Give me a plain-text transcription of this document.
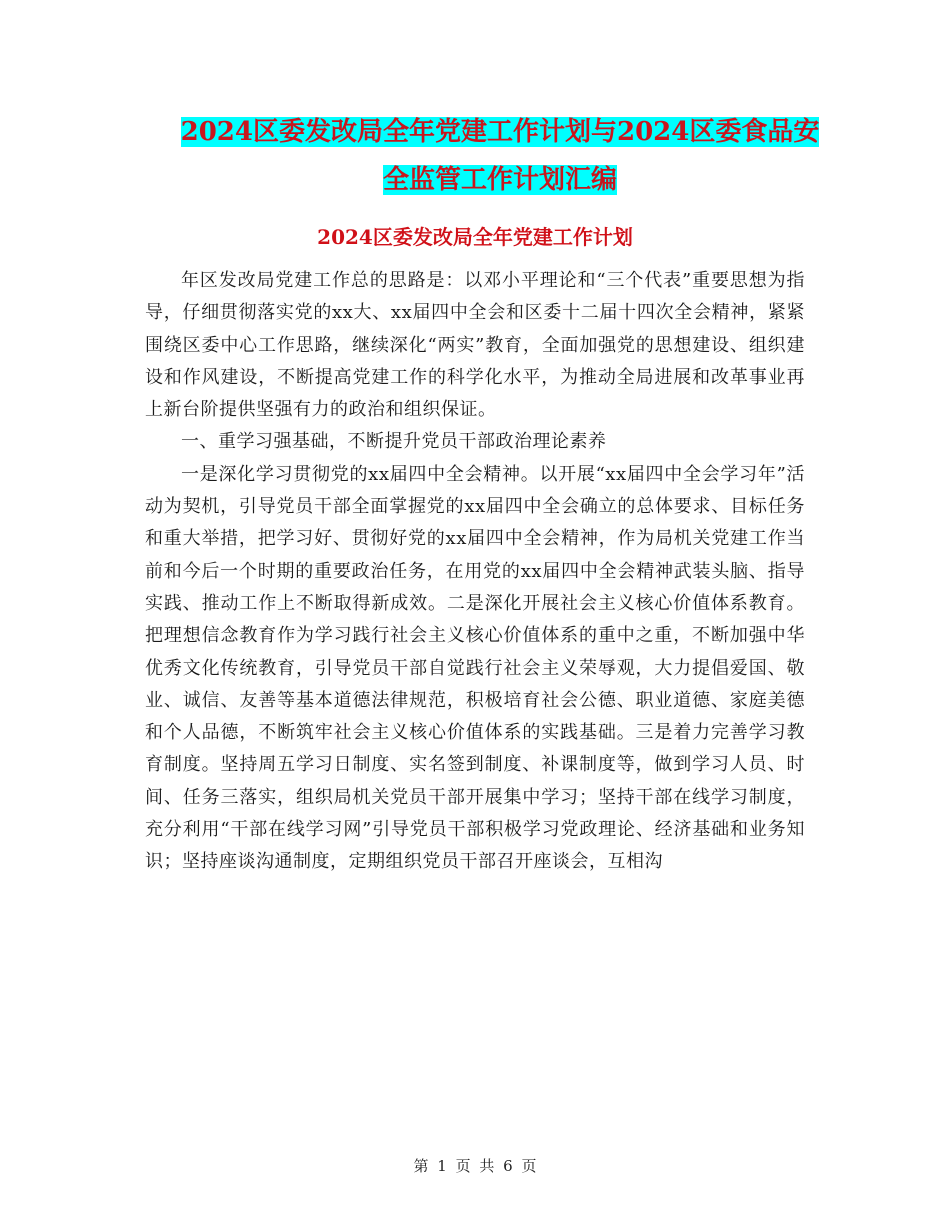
2024区委发改局全年党建工作计划与2024区委食品安
全监管工作计划汇编
2024区委发改局全年党建工作计划

年区发改局党建工作总的思路是：以邓小平理论和“三个代表”重要思想为指导，仔细贯彻落实党的xx大、xx届四中全会和区委十二届十四次全会精神，紧紧围绕区委中心工作思路，继续深化“两实”教育，全面加强党的思想建设、组织建设和作风建设，不断提高党建工作的科学化水平，为推动全局进展和改革事业再上新台阶提供坚强有力的政治和组织保证。

一、重学习强基础，不断提升党员干部政治理论素养

一是深化学习贯彻党的xx届四中全会精神。以开展“xx届四中全会学习年”活动为契机，引导党员干部全面掌握党的xx届四中全会确立的总体要求、目标任务和重大举措，把学习好、贯彻好党的xx届四中全会精神，作为局机关党建工作当前和今后一个时期的重要政治任务，在用党的xx届四中全会精神武装头脑、指导实践、推动工作上不断取得新成效。二是深化开展社会主义核心价值体系教育。把理想信念教育作为学习践行社会主义核心价值体系的重中之重，不断加强中华优秀文化传统教育，引导党员干部自觉践行社会主义荣辱观，大力提倡爱国、敬业、诚信、友善等基本道德法律规范，积极培育社会公德、职业道德、家庭美德和个人品德，不断筑牢社会主义核心价值体系的实践基础。三是着力完善学习教育制度。坚持周五学习日制度、实名签到制度、补课制度等，做到学习人员、时间、任务三落实，组织局机关党员干部开展集中学习；坚持干部在线学习制度，充分利用“干部在线学习网”引导党员干部积极学习党政理论、经济基础和业务知识；坚持座谈沟通制度，定期组织党员干部召开座谈会，互相沟

第 1 页 共 6 页
